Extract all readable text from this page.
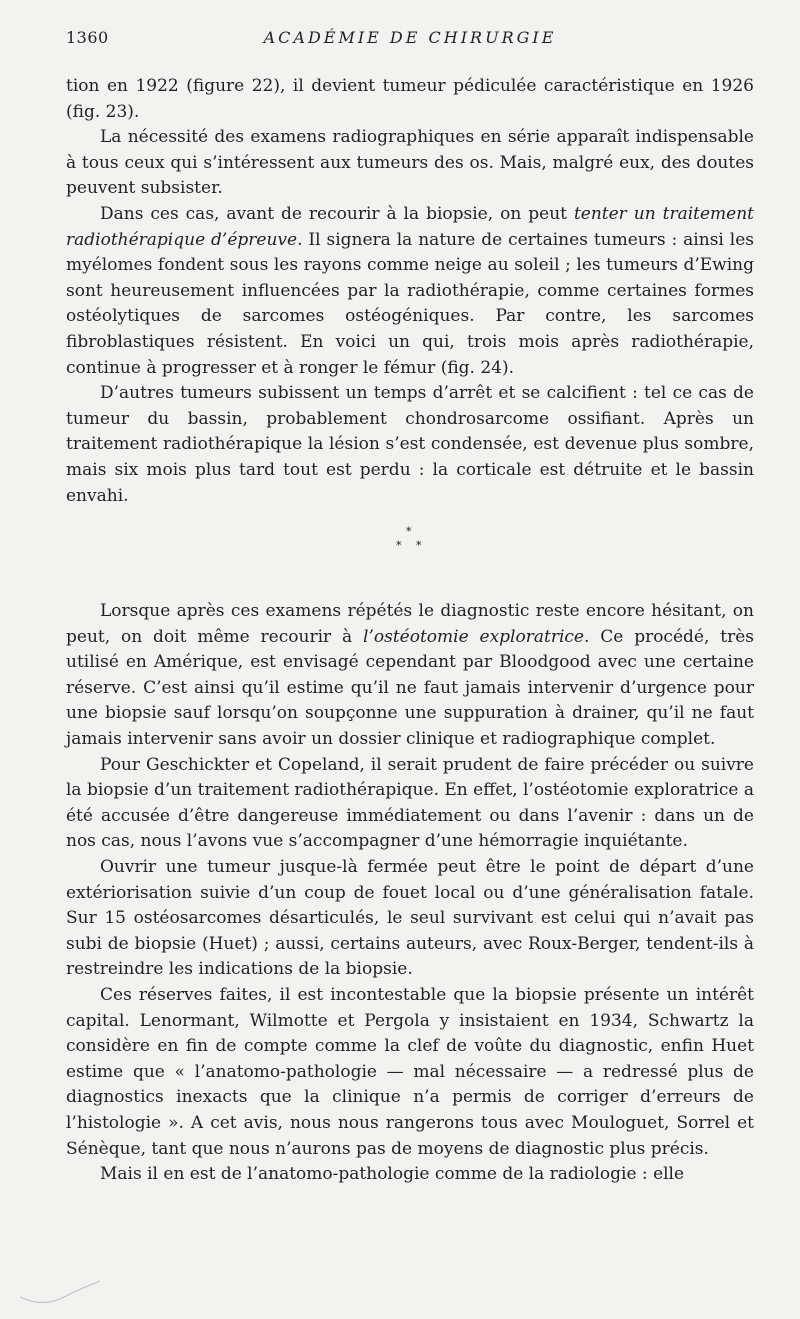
1360	ACADÉMIE DE CHIRURGIE

tion en 1922 (figure 22), il devient tumeur pédiculée caractéristique en 1926 (fig. 23).

La nécessité des examens radiographiques en série apparaît indispensable à tous ceux qui s’intéressent aux tumeurs des os. Mais, malgré eux, des doutes peuvent subsister.

Dans ces cas, avant de recourir à la biopsie, on peut tenter un traitement radiothérapique d’épreuve. Il signera la nature de certaines tumeurs : ainsi les myélomes fondent sous les rayons comme neige au soleil ; les tumeurs d’Ewing sont heureusement influencées par la radiothérapie, comme certaines formes ostéolytiques de sarcomes ostéogéniques. Par contre, les sarcomes fibroblastiques résistent. En voici un qui, trois mois après radiothérapie, continue à progresser et à ronger le fémur (fig. 24).

D’autres tumeurs subissent un temps d’arrêt et se calcifient : tel ce cas de tumeur du bassin, probablement chondrosarcome ossifiant. Après un traitement radiothérapique la lésion s’est condensée, est devenue plus sombre, mais six mois plus tard tout est perdu : la corticale est détruite et le bassin envahi.

*
* *

Lorsque après ces examens répétés le diagnostic reste encore hésitant, on peut, on doit même recourir à l’ostéotomie exploratrice. Ce procédé, très utilisé en Amérique, est envisagé cependant par Bloodgood avec une certaine réserve. C’est ainsi qu’il estime qu’il ne faut jamais intervenir d’urgence pour une biopsie sauf lorsqu’on soupçonne une suppuration à drainer, qu’il ne faut jamais intervenir sans avoir un dossier clinique et radiographique complet.

Pour Geschickter et Copeland, il serait prudent de faire précéder ou suivre la biopsie d’un traitement radiothérapique. En effet, l’ostéotomie exploratrice a été accusée d’être dangereuse immédiatement ou dans l’avenir : dans un de nos cas, nous l’avons vue s’accompagner d’une hémorragie inquiétante.

Ouvrir une tumeur jusque-là fermée peut être le point de départ d’une extériorisation suivie d’un coup de fouet local ou d’une généralisation fatale. Sur 15 ostéosarcomes désarticulés, le seul survivant est celui qui n’avait pas subi de biopsie (Huet) ; aussi, certains auteurs, avec Roux-Berger, tendent-ils à restreindre les indications de la biopsie.

Ces réserves faites, il est incontestable que la biopsie présente un intérêt capital. Lenormant, Wilmotte et Pergola y insistaient en 1934, Schwartz la considère en fin de compte comme la clef de voûte du diagnostic, enfin Huet estime que « l’anatomo-pathologie — mal nécessaire — a redressé plus de diagnostics inexacts que la clinique n’a permis de corriger d’erreurs de l’histologie ». A cet avis, nous nous rangerons tous avec Mouloguet, Sorrel et Sénèque, tant que nous n’aurons pas de moyens de diagnostic plus précis.

Mais il en est de l’anatomo-pathologie comme de la radiologie : elle
